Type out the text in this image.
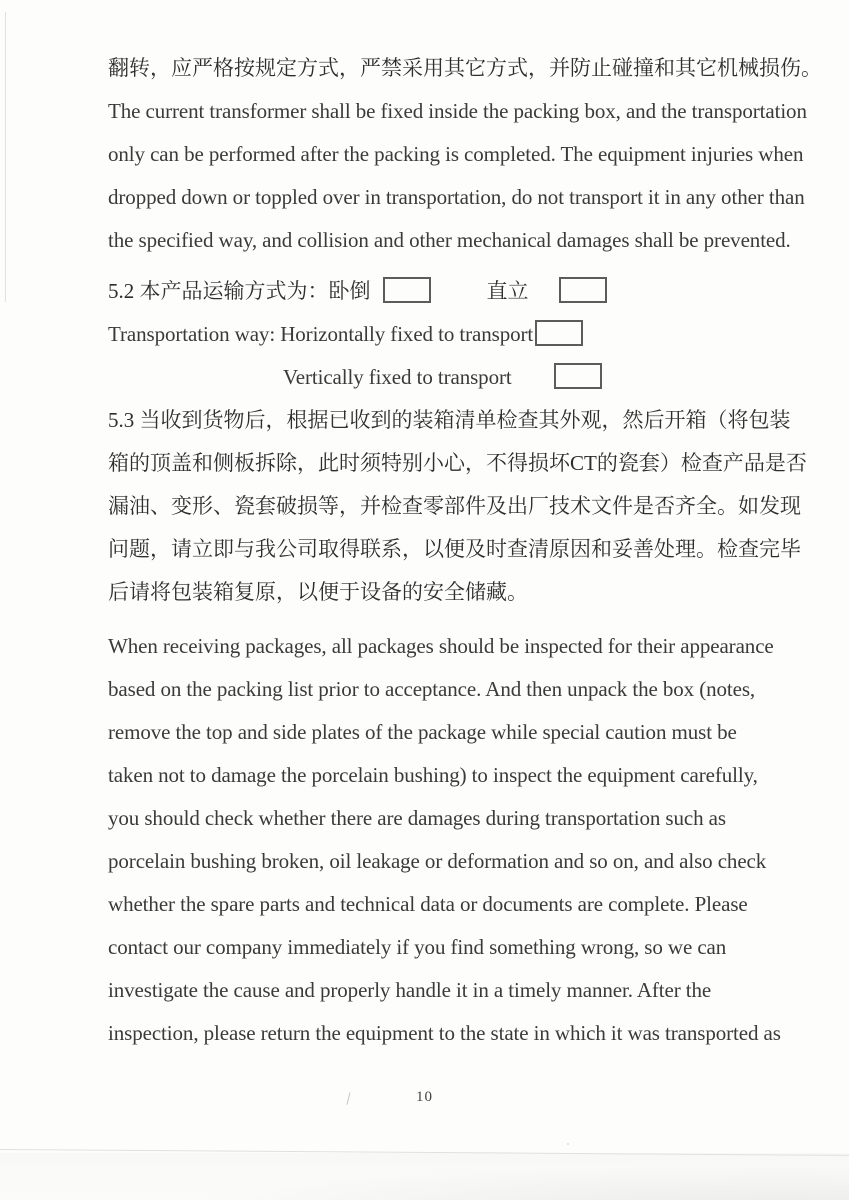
翻转，应严格按规定方式，严禁采用其它方式，并防止碰撞和其它机械损伤。
The current transformer shall be fixed inside the packing box, and the transportation
only can be performed after the packing is completed. The equipment injuries when
dropped down or toppled over in transportation, do not transport it in any other than
the specified way, and collision and other mechanical damages shall be prevented.
5.2 本产品运输方式为：卧倒	直立
Transportation way: Horizontally fixed to transport
Vertically fixed to transport
5.3 当收到货物后，根据已收到的装箱清单检查其外观，然后开箱（将包装
箱的顶盖和侧板拆除，此时须特别小心，不得损坏CT的瓷套）检查产品是否
漏油、变形、瓷套破损等，并检查零部件及出厂技术文件是否齐全。如发现
问题，请立即与我公司取得联系，以便及时查清原因和妥善处理。检查完毕
后请将包装箱复原，以便于设备的安全储藏。
When receiving packages, all packages should be inspected for their appearance
based on the packing list prior to acceptance. And then unpack the box (notes,
remove the top and side plates of the package while special caution must be
taken not to damage the porcelain bushing) to inspect the equipment carefully,
you should check whether there are damages during transportation such as
porcelain bushing broken, oil leakage or deformation and so on, and also check
whether the spare parts and technical data or documents are complete. Please
contact our company immediately if you find something wrong, so we can
investigate the cause and properly handle it in a timely manner. After the
inspection, please return the equipment to the state in which it was transported as
10
